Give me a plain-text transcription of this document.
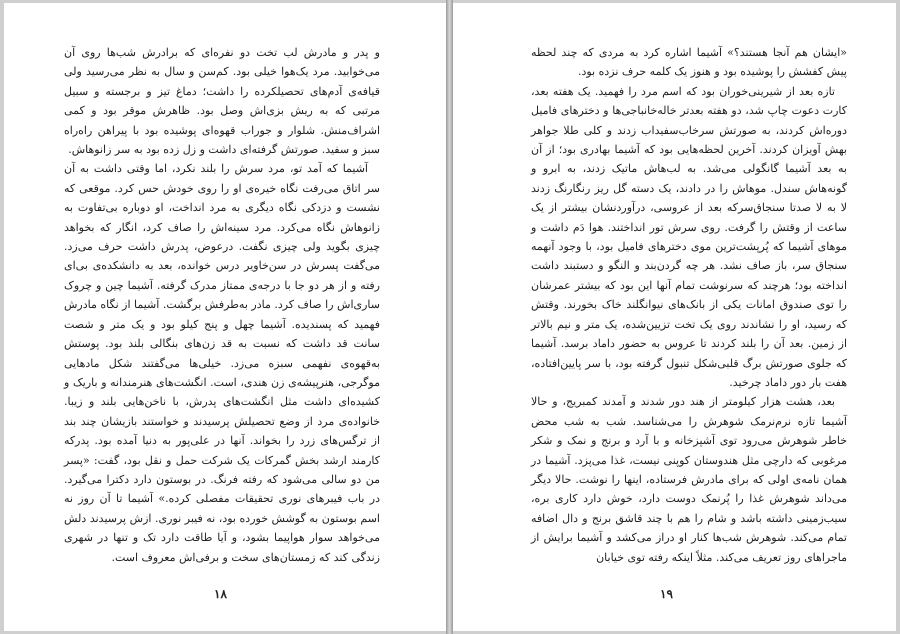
و پدر و مادرش لب تخت دو نفره‌ای که برادرش شب‌ها روی آن می‌خوابید. مرد یک‌هوا خیلی بود. کم‌سن و سال به نظر می‌رسید ولی قیافه‌ی آدم‌های تحصیلکرده را داشت؛ دماغ تیز و برجسته و سبیل مرتبی که به ریش بزی‌اش وصل بود. ظاهرش موقر بود و کمی اشراف‌منش. شلوار و جوراب قهوه‌ای پوشیده بود با پیراهن راه‌راه سبز و سفید. صورتش گرفته‌ای داشت و زل زده بود به سر زانوهاش.

آشیما که آمد تو، مرد سرش را بلند نکرد، اما وقتی داشت به آن سر اتاق می‌رفت نگاه خیره‌ی او را روی خودش حس کرد. موقعی که نشست و دزدکی نگاه دیگری به مرد انداخت، او دوباره بی‌تفاوت به زانوهاش نگاه می‌کرد. مرد سینه‌اش را صاف کرد، انگار که بخواهد چیزی بگوید ولی چیزی نگفت. درعوض، پدرش داشت حرف می‌زد. می‌گفت پسرش در سن‌خاویر درس خوانده، بعد به دانشکده‌ی بی‌ای رفته و از هر دو جا با درجه‌ی ممتاز مدرک گرفته. آشیما چین و چروک ساری‌اش را صاف کرد. مادر به‌طرفش برگشت. آشیما از نگاه مادرش فهمید که پسندیده. آشیما چهل و پنج کیلو بود و یک متر و شصت سانت قد داشت که نسبت به قد زن‌های بنگالی بلند بود. پوستش به‌قهوه‌ی نفهمی سبزه می‌زد. خیلی‌ها می‌گفتند شکل مادهایی موگرجی، هنرپیشه‌ی زن هندی، است. انگشت‌های هنرمندانه و باریک و کشیده‌ای داشت مثل انگشت‌های پدرش، با ناخن‌هایی بلند و زیبا. خانواده‌ی مرد از وضع تحصیلش پرسیدند و خواستند بازیشان چند بند از ترگس‌های زرد را بخواند. آنها در علی‌پور به دنیا آمده بود. پدرکه کارمند ارشد بخش گمرکات یک شرکت حمل و نقل بود، گفت: «پسر من دو سالی می‌شود که رفته فرنگ. در بوستون دارد دکترا می‌گیرد. در باب فیبرهای نوری تحقیقات مفصلی کرده.» آشیما تا آن روز نه اسم بوستون به گوشش خورده بود، نه فیبر نوری. ازش پرسیدند دلش می‌خواهد سوار هواپیما بشود، و آیا طاقت دارد تک و تنها در شهری زندگی کند که زمستان‌های سخت و برفی‌اش معروف است.

۱۸

«ایشان هم آنجا هستند؟» آشیما اشاره کرد به مردی که چند لحظه پیش کفشش را پوشیده بود و هنوز یک کلمه حرف نزده بود.

تازه بعد از شیرینی‌خوران بود که اسم مرد را فهمید. یک هفته بعد، کارت دعوت چاپ شد، دو هفته بعد‌تر خاله‌خانباجی‌ها و دخترهای فامیل دوره‌اش کردند، به صورتش سرخاب‌سفیداب زدند و کلی طلا جواهر بهش آویزان کردند. آخرین لحظه‌هایی بود که آشیما بهادری بود؛ از آن به بعد آشیما گانگولی می‌شد. به لب‌هاش ماتیک زدند، به ابرو و گونه‌هاش سندل. موهاش را در دادند، یک دسته گل ریز رنگارنگ زدند لا به لا صدتا سنجاق‌سرکه بعد از عروسی، درآوردنشان بیشتر از یک ساعت از وقتش را گرفت. روی سرش تور انداختند. هوا دَم داشت و موهای آشیما که پُرپشت‌ترین موی دخترهای فامیل بود، با وجود آنهمه سنجاق سر، باز صاف نشد. هر چه گردن‌بند و النگو و دستبند داشت انداخته بود؛ هرچند که سرنوشت تمام آنها این بود که بیشتر عمرشان را توی صندوق امانات یکی از بانک‌های نیوانگلند خاک بخورند. وقتش که رسید، او را نشاندند روی یک تخت تزیین‌شده، یک متر و نیم بالاتر از زمین. بعد آن را بلند کردند تا عروس به حضور داماد برسد. آشیما که جلوی صورتش برگ قلبی‌شکل تنبول گرفته بود، با سر پایین‌افتاده، هفت بار دور داماد چرخید.

بعد، هشت هزار کیلومتر از هند دور شدند و آمدند کمبریج، و حالا آشیما تازه نرم‌نرمک شوهرش را می‌شناسد. شب به شب محض خاطر شوهرش می‌رود توی آشپزخانه و با آرد و برنج و نمک و شکر مرغوبی که دارچی مثل هندوستان کوپنی نیست، غذا می‌پزد. آشیما در همان نامه‌ی اولی که برای مادرش فرستاده، اینها را نوشت. حالا دیگر می‌داند شوهرش غذا را پُرنمک دوست دارد، خوش دارد کاری بره، سیب‌زمینی داشته باشد و شام را هم با چند قاشق برنج و دال اضافه تمام می‌کند. شوهرش شب‌ها کنار او دراز می‌کشد و آشیما برایش از ماجراهای روز تعریف می‌کند. مثلاً اینکه رفته توی خیابان

۱۹
